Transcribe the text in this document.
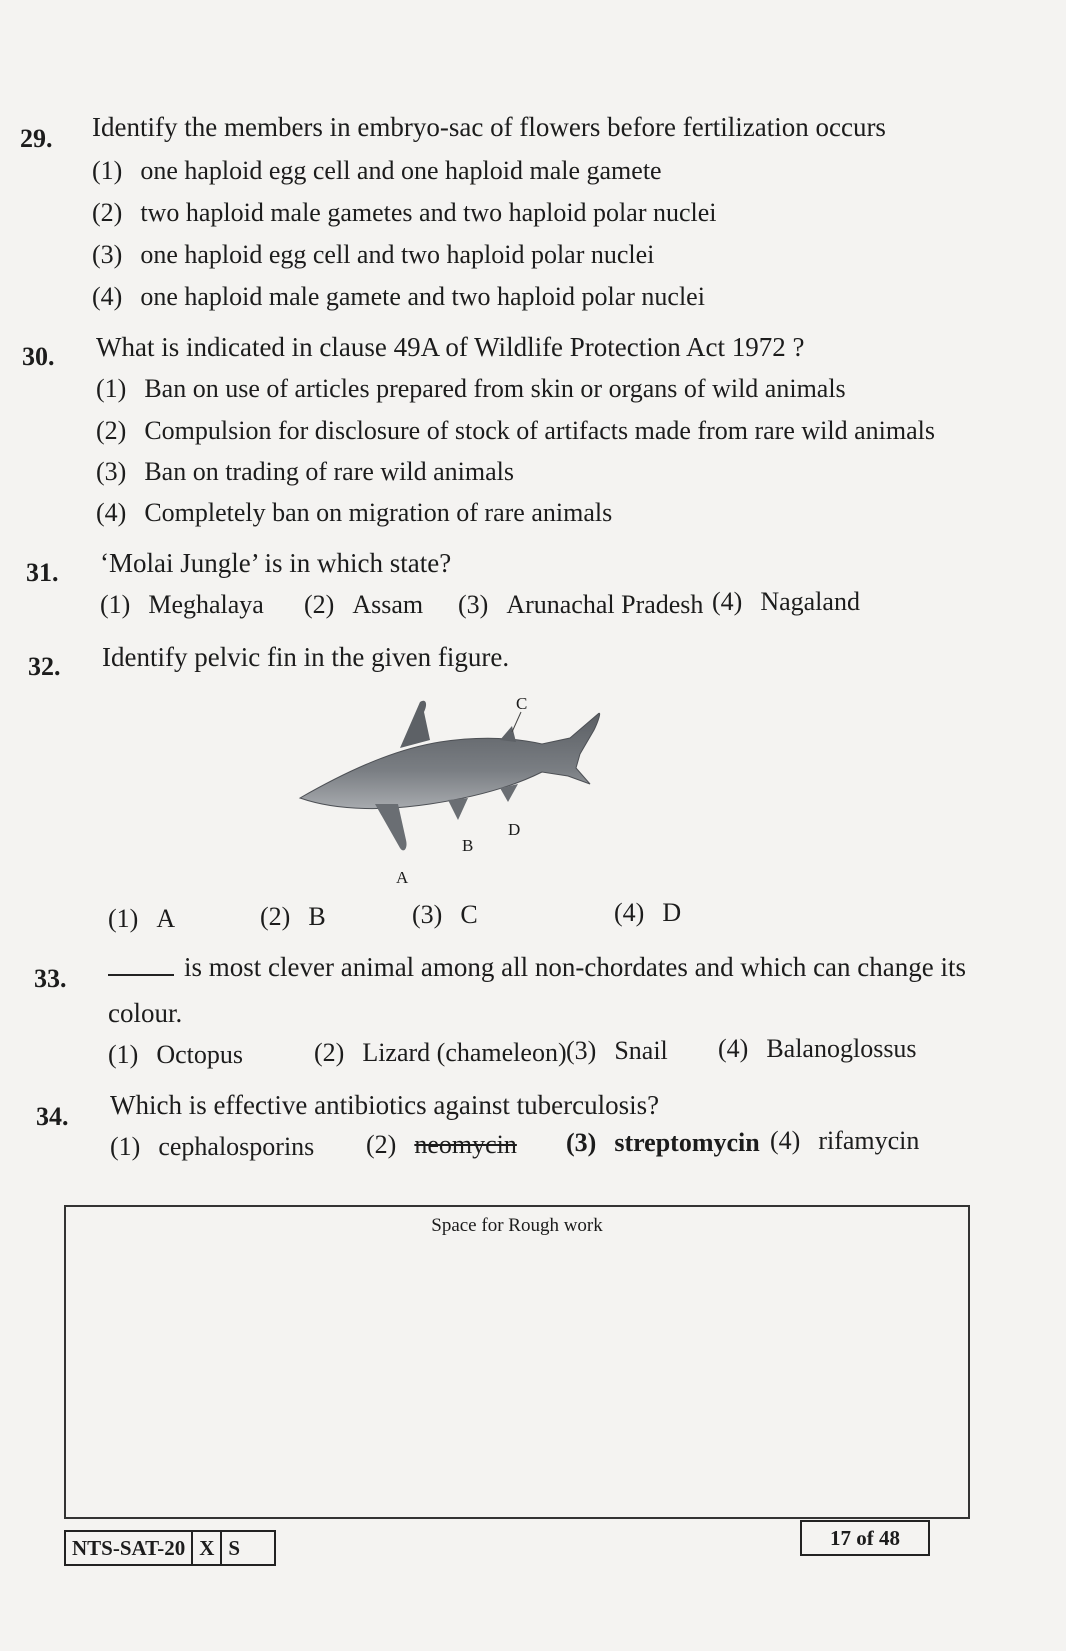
29. Identify the members in embryo-sac of flowers before fertilization occurs
(1) one haploid egg cell and one haploid male gamete
(2) two haploid male gametes and two haploid polar nuclei
(3) one haploid egg cell and two haploid polar nuclei
(4) one haploid male gamete and two haploid polar nuclei
30. What is indicated in clause 49A of Wildlife Protection Act 1972 ?
(1) Ban on use of articles prepared from skin or organs of wild animals
(2) Compulsion for disclosure of stock of artifacts made from rare wild animals
(3) Ban on trading of rare wild animals
(4) Completely ban on migration of rare animals
31. ‘Molai Jungle’ is in which state?
(1) Meghalaya (2) Assam (3) Arunachal Pradesh (4) Nagaland
32. Identify pelvic fin in the given figure.
C
B
D
A
(1) A	(2) B	(3) C	(4) D
33.	is most clever animal among all non-chordates and which can change its
colour.
(1) Octopus	(2) Lizard (chameleon) (3) Snail (4) Balanoglossus
34. Which is effective antibiotics against tuberculosis?
(1) cephalosporins (2) neomycin (3) streptomycin (4) rifamycin
Space for Rough work
NTS-SAT-20 X S	17 of 48
